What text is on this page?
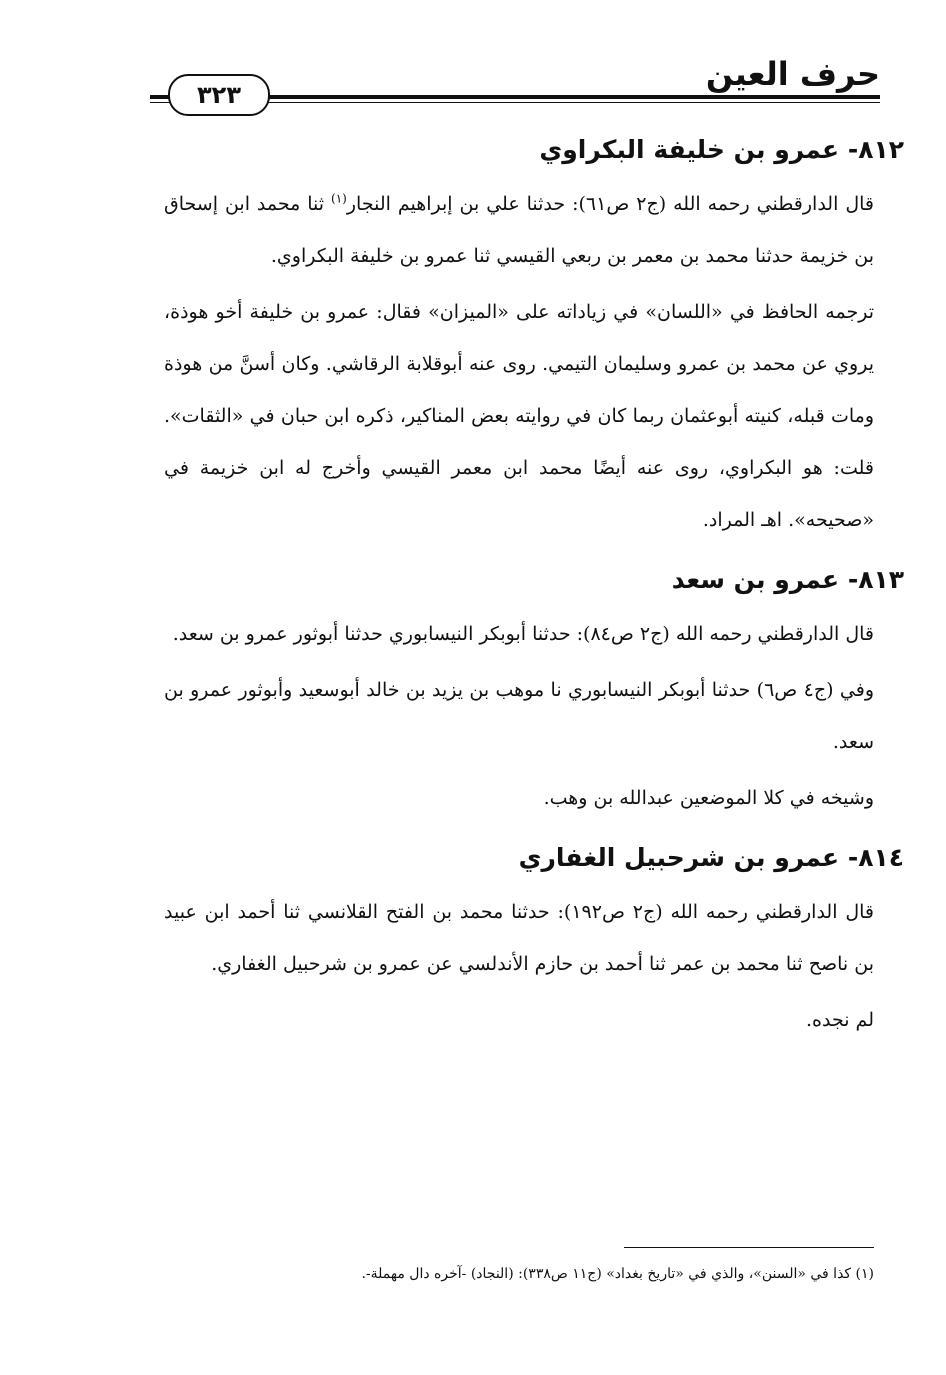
حرف العين
٣٢٣
٨١٢- عمرو بن خليفة البكراوي

قال الدارقطني رحمه الله (ج٢ ص٦١): حدثنا علي بن إبراهيم النجار$^{(١)}$ ثنا محمد ابن إسحاق بن خزيمة حدثنا محمد بن معمر بن ربعي القيسي ثنا عمرو بن خليفة البكراوي.

ترجمه الحافظ في «اللسان» في زياداته على «الميزان» فقال: عمرو بن خليفة أخو هوذة، يروي عن محمد بن عمرو وسليمان التيمي. روى عنه أبوقلابة الرقاشي. وكان أسنَّ من هوذة ومات قبله، كنيته أبوعثمان ربما كان في روايته بعض المناكير، ذكره ابن حبان في «الثقات». قلت: هو البكراوي، روى عنه أيضًا محمد ابن معمر القيسي وأخرج له ابن خزيمة في «صحيحه». اهـ المراد.

٨١٣- عمرو بن سعد

قال الدارقطني رحمه الله (ج٢ ص٨٤): حدثنا أبوبكر النيسابوري حدثنا أبوثور عمرو بن سعد.

وفي (ج٤ ص٦) حدثنا أبوبكر النيسابوري نا موهب بن يزيد بن خالد أبوسعيد وأبوثور عمرو بن سعد.

وشيخه في كلا الموضعين عبدالله بن وهب.

٨١٤- عمرو بن شرحبيل الغفاري

قال الدارقطني رحمه الله (ج٢ ص١٩٢): حدثنا محمد بن الفتح القلانسي ثنا أحمد ابن عبيد بن ناصح ثنا محمد بن عمر ثنا أحمد بن حازم الأندلسي عن عمرو بن شرحبيل الغفاري.

لم نجده.

(١) كذا في «السنن»، والذي في «تاريخ بغداد» (ج١١ ص٣٣٨): (النجاد) -آخره دال مهملة-.
